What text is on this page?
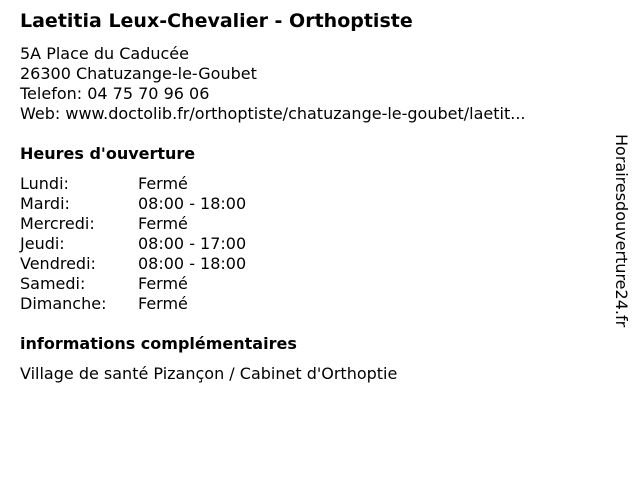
Laetitia Leux-Chevalier - Orthoptiste
5A Place du Caducée
26300 Chatuzange-le-Goubet
Telefon: 04 75 70 96 06
Web: www.doctolib.fr/orthoptiste/chatuzange-le-goubet/laetit...
Heures d'ouverture
Lundi:	Fermé
Mardi:	08:00 - 18:00
Mercredi:	Fermé
Jeudi:	08:00 - 17:00
Vendredi:	08:00 - 18:00
Samedi:	Fermé
Dimanche:	Fermé
informations complémentaires
Village de santé Pizançon / Cabinet d'Orthoptie
Horairesdouverture24.fr
